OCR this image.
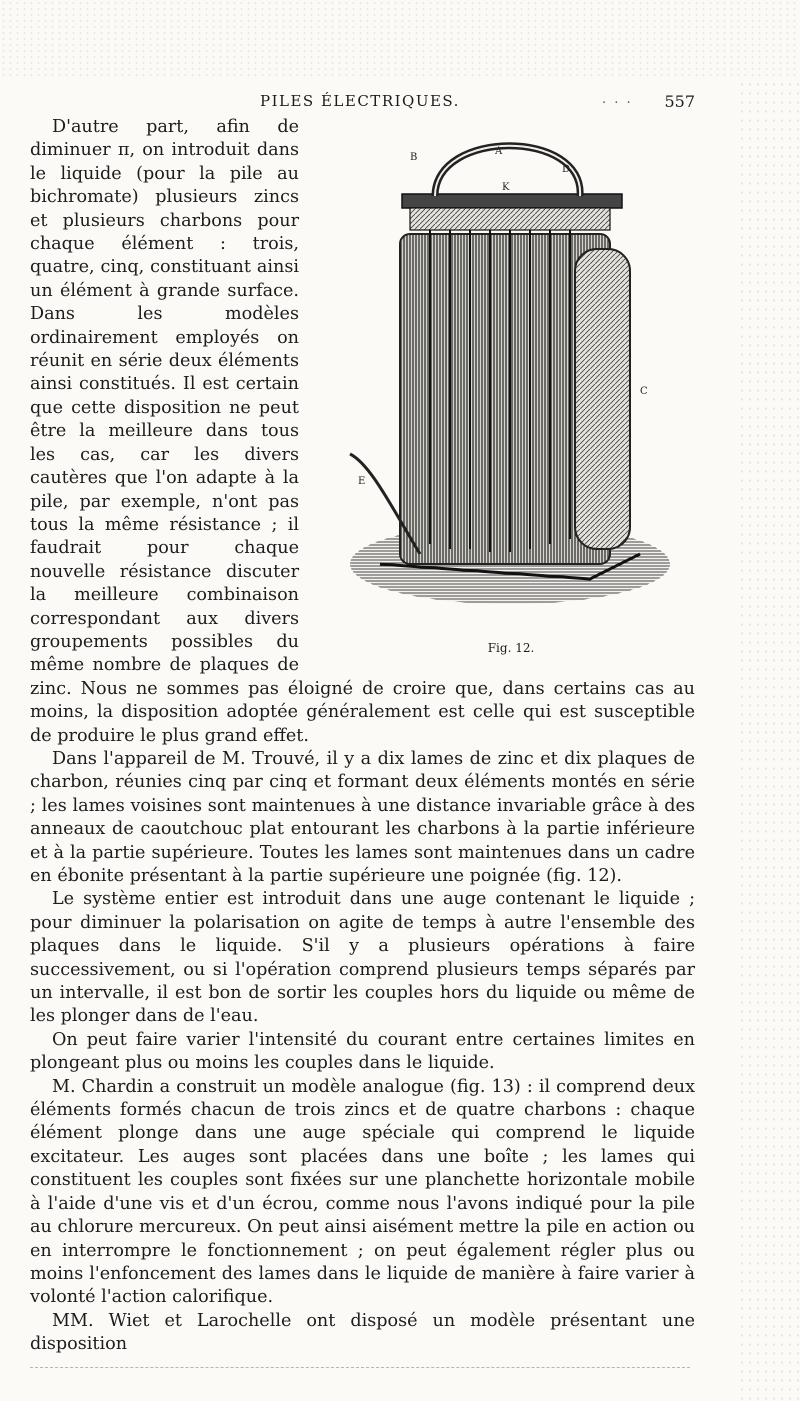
PILES ÉLECTRIQUES.	. . . 557
A
B
C
E
K
D
Fig. 12.

D'autre part, afin de diminuer π, on introduit dans le liquide (pour la pile au bichromate) plusieurs zincs et plusieurs charbons pour chaque élément : trois, quatre, cinq, constituant ainsi un élément à grande surface. Dans les modèles ordinairement employés on réunit en série deux éléments ainsi constitués. Il est certain que cette disposition ne peut être la meilleure dans tous les cas, car les divers cautères que l'on adapte à la pile, par exemple, n'ont pas tous la même résistance ; il faudrait pour chaque nouvelle résistance discuter la meilleure combinaison correspondant aux divers groupements possibles du même nombre de plaques de zinc. Nous ne sommes pas éloigné de croire que, dans certains cas au moins, la disposition adoptée généralement est celle qui est susceptible de produire le plus grand effet.

Dans l'appareil de M. Trouvé, il y a dix lames de zinc et dix plaques de charbon, réunies cinq par cinq et formant deux éléments montés en série ; les lames voisines sont maintenues à une distance invariable grâce à des anneaux de caoutchouc plat entourant les charbons à la partie inférieure et à la partie supérieure. Toutes les lames sont maintenues dans un cadre en ébonite présentant à la partie supérieure une poignée (fig. 12).

Le système entier est introduit dans une auge contenant le liquide ; pour diminuer la polarisation on agite de temps à autre l'ensemble des plaques dans le liquide. S'il y a plusieurs opérations à faire successivement, ou si l'opération comprend plusieurs temps séparés par un intervalle, il est bon de sortir les couples hors du liquide ou même de les plonger dans de l'eau.

On peut faire varier l'intensité du courant entre certaines limites en plongeant plus ou moins les couples dans le liquide.

M. Chardin a construit un modèle analogue (fig. 13) : il comprend deux éléments formés chacun de trois zincs et de quatre charbons : chaque élément plonge dans une auge spéciale qui comprend le liquide excitateur. Les auges sont placées dans une boîte ; les lames qui constituent les couples sont fixées sur une planchette horizontale mobile à l'aide d'une vis et d'un écrou, comme nous l'avons indiqué pour la pile au chlorure mercureux. On peut ainsi aisément mettre la pile en action ou en interrompre le fonctionnement ; on peut également régler plus ou moins l'enfoncement des lames dans le liquide de manière à faire varier à volonté l'action calorifique.

MM. Wiet et Larochelle ont disposé un modèle présentant une disposition
